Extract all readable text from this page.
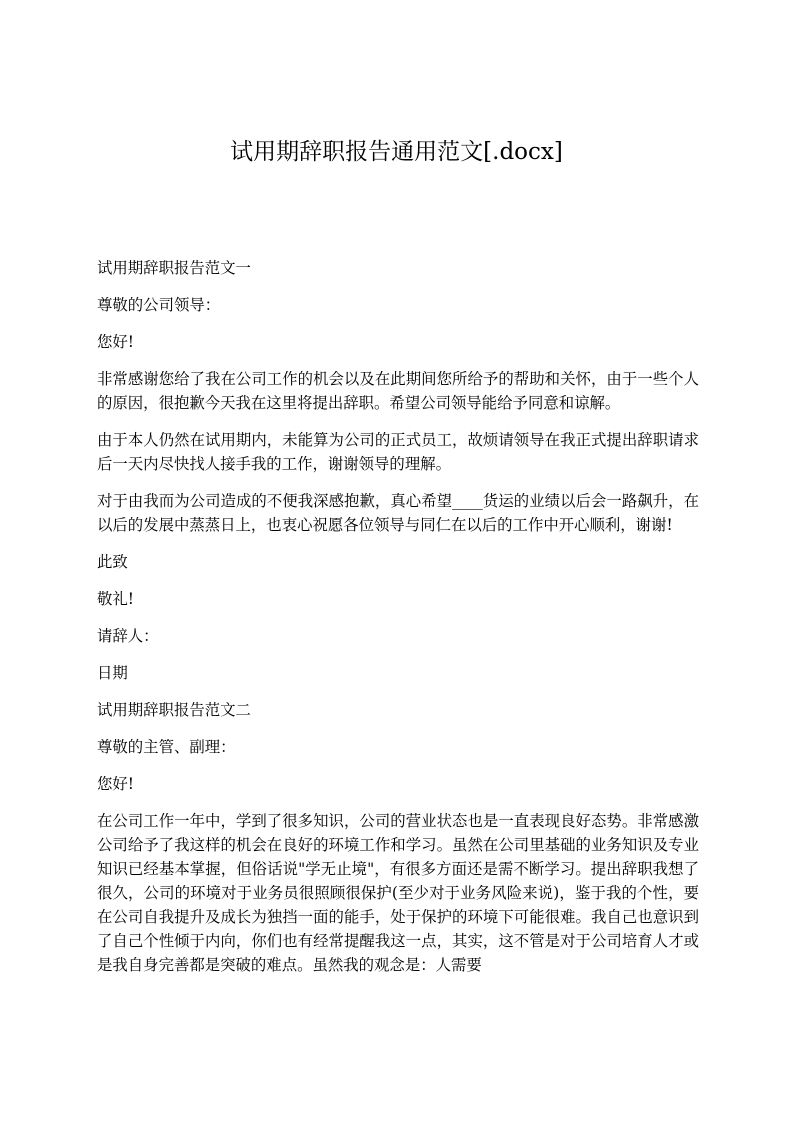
试用期辞职报告通用范文[.docx]

试用期辞职报告范文一

尊敬的公司领导：

您好!

非常感谢您给了我在公司工作的机会以及在此期间您所给予的帮助和关怀，由于一些个人的原因，很抱歉今天我在这里将提出辞职。希望公司领导能给予同意和谅解。

由于本人仍然在试用期内，未能算为公司的正式员工，故烦请领导在我正式提出辞职请求后一天内尽快找人接手我的工作，谢谢领导的理解。

对于由我而为公司造成的不便我深感抱歉，真心希望____货运的业绩以后会一路飙升，在以后的发展中蒸蒸日上，也衷心祝愿各位领导与同仁在以后的工作中开心顺利，谢谢!

此致

敬礼!

请辞人：

日期

试用期辞职报告范文二

尊敬的主管、副理：

您好!

在公司工作一年中，学到了很多知识，公司的营业状态也是一直表现良好态势。非常感激公司给予了我这样的机会在良好的环境工作和学习。虽然在公司里基础的业务知识及专业知识已经基本掌握，但俗话说"学无止境"，有很多方面还是需不断学习。提出辞职我想了很久，公司的环境对于业务员很照顾很保护(至少对于业务风险来说)，鉴于我的个性，要在公司自我提升及成长为独挡一面的能手，处于保护的环境下可能很难。我自己也意识到了自己个性倾于内向，你们也有经常提醒我这一点，其实，这不管是对于公司培育人才或是我自身完善都是突破的难点。虽然我的观念是：人需要
